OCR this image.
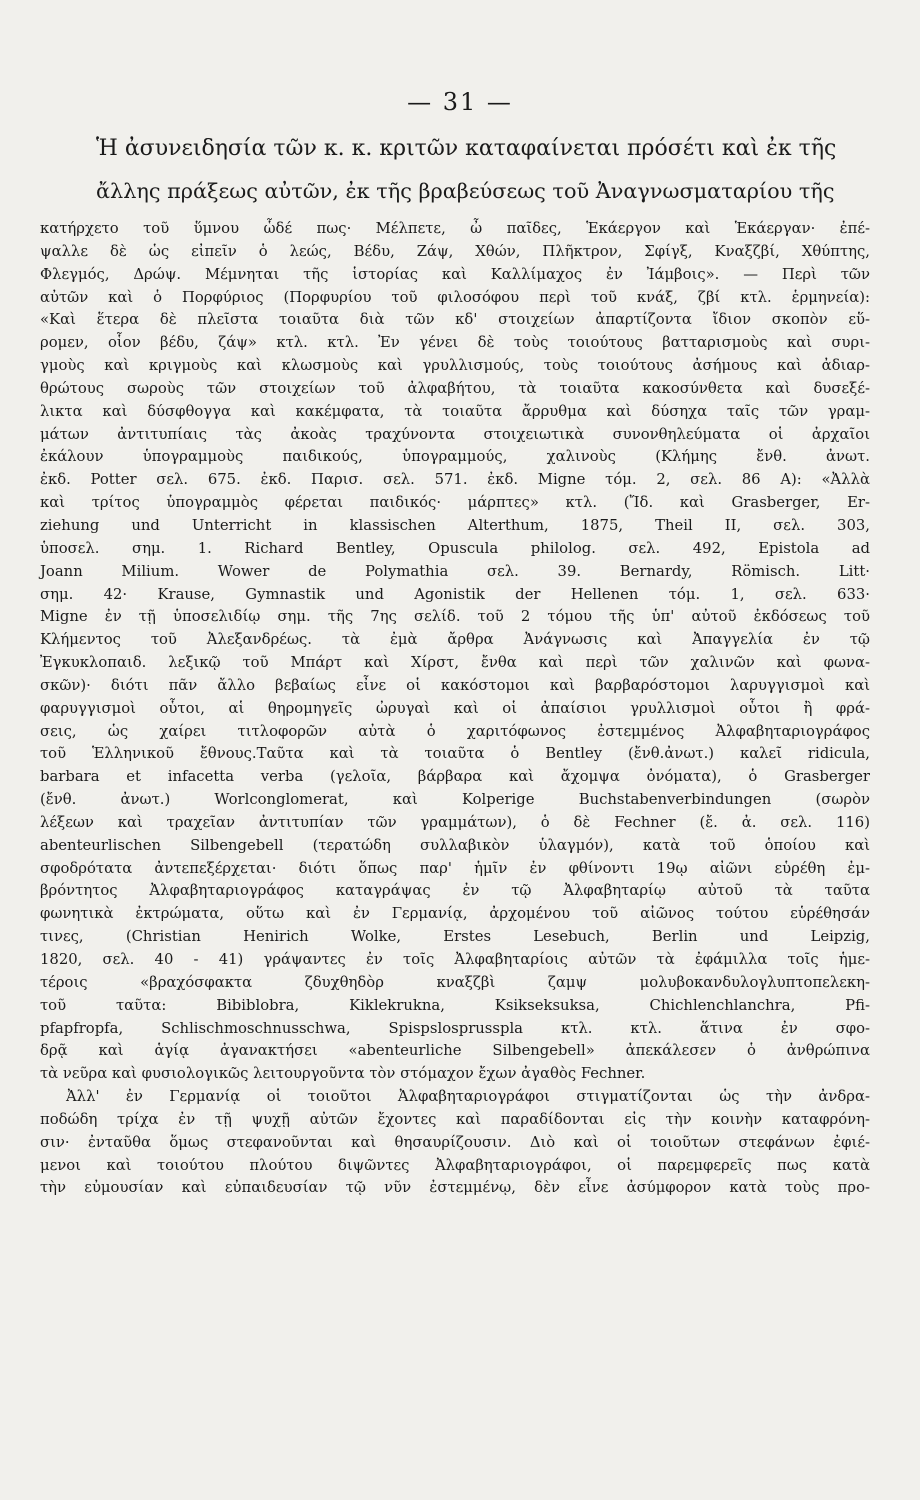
— 31 —
Ἡ ἀσυνειδησία τῶν κ. κ. κριτῶν καταφαίνεται πρόσέτι καὶ ἐκ τῆς
ἄλλης πράξεως αὐτῶν, ἐκ τῆς βραβεύσεως τοῦ Ἀναγνωσματαρίου τῆς
κατήρχετο τοῦ ὕμνου ὧδέ πως· Μέλπετε, ὦ παῖδες, Ἑκάεργον καὶ Ἑκάεργαν· ἐπέ-
ψαλλε δὲ ὡς εἰπεῖν ὁ λεώς, Βέδυ, Ζάψ, Χθών, Πλῆκτρον, Σφίγξ, Κναξζβί, Χθύπτης,
Φλεγμός, Δρώψ. Μέμνηται τῆς ἱστορίας καὶ Καλλίμαχος ἐν Ἰάμβοις». — Περὶ τῶν
αὐτῶν καὶ ὁ Πορφύριος (Πορφυρίου τοῦ φιλοσόφου περὶ τοῦ κνάξ, ζβί κτλ. ἑρμηνεία):
«Καὶ ἕτερα δὲ πλεῖστα τοιαῦτα διὰ τῶν κδ' στοιχείων ἀπαρτίζοντα ἴδιον σκοπὸν εὕ-
ρομεν, οἷον βέδυ, ζάψ» κτλ. κτλ. Ἐν γένει δὲ τοὺς τοιούτους βατταρισμοὺς καὶ συρι-
γμοὺς καὶ κριγμοὺς καὶ κλωσμοὺς καὶ γρυλλισμούς, τοὺς τοιούτους ἀσήμους καὶ ἀδιαρ-
θρώτους σωροὺς τῶν στοιχείων τοῦ ἀλφαβήτου, τὰ τοιαῦτα κακοσύνθετα καὶ δυσεξέ-
λικτα καὶ δύσφθογγα καὶ κακέμφατα, τὰ τοιαῦτα ἄρρυθμα καὶ δύσηχα ταῖς τῶν γραμ-
μάτων ἀντιτυπίαις τὰς ἀκοὰς τραχύνοντα στοιχειωτικὰ συνονθηλεύματα οἱ ἀρχαῖοι
ἐκάλουν ὑπογραμμοὺς παιδικούς, ὑπογραμμούς, χαλινοὺς (Κλήμης ἔνθ. ἀνωτ.
ἐκδ. Potter σελ. 675. ἐκδ. Παρισ. σελ. 571. ἐκδ. Migne τόμ. 2, σελ. 86 Α): «Ἀλλὰ
καὶ τρίτος ὑπογραμμὸς φέρεται παιδικός· μάρπτες» κτλ. (Ἴδ. καὶ Grasberger, Er-
ziehung und Unterricht in klassischen Alterthum, 1875, Theil II, σελ. 303,
ὑποσελ. σημ. 1. Richard Bentley, Opuscula philolog. σελ. 492, Epistola ad
Joann Milium. Wower de Polymathia σελ. 39. Bernardy, Römisch. Litt·
σημ. 42· Krause, Gymnastik und Agonistik der Hellenen τόμ. 1, σελ. 633·
Migne ἐν τῇ ὑποσελιδίῳ σημ. τῆς 7ης σελίδ. τοῦ 2 τόμου τῆς ὑπ' αὐτοῦ ἐκδόσεως τοῦ
Κλήμεντος τοῦ Ἀλεξανδρέως. τὰ ἐμὰ ἄρθρα Ἀνάγνωσις καὶ Ἀπαγγελία ἐν τῷ
Ἐγκυκλοπαιδ. λεξικῷ τοῦ Μπάρτ καὶ Χίρστ, ἔνθα καὶ περὶ τῶν χαλινῶν καὶ φωνα-
σκῶν)· διότι πᾶν ἄλλο βεβαίως εἶνε οἱ κακόστομοι καὶ βαρβαρόστομοι λαρυγγισμοὶ καὶ
φαρυγγισμοὶ οὗτοι, αἱ θηρομηγεῖς ὠρυγαὶ καὶ οἱ ἀπαίσιοι γρυλλισμοὶ οὗτοι ἢ φρά-
σεις, ὡς χαίρει τιτλοφορῶν αὐτὰ ὁ χαριτόφωνος ἐστεμμένος Ἀλφαβηταριογράφος
τοῦ Ἑλληνικοῦ ἔθνους.Ταῦτα καὶ τὰ τοιαῦτα ὁ Bentley (ἔνθ.ἀνωτ.) καλεῖ ridicula,
barbara et infacetta verba (γελοῖα, βάρβαρα καὶ ἄχομψα ὀνόματα), ὁ Grasberger
(ἔνθ. ἀνωτ.) Worlconglomerat, καὶ Kolperige Buchstabenverbindungen (σωρὸν
λέξεων καὶ τραχεῖαν ἀντιτυπίαν τῶν γραμμάτων), ὁ δὲ Fechner (ἔ. ἀ. σελ. 116)
abenteurlischen Silbengebell (τερατώδη συλλαβικὸν ὑλαγμόν), κατὰ τοῦ ὁποίου καὶ
σφοδρότατα ἀντεπεξέρχεται· διότι ὅπως παρ' ἡμῖν ἐν φθίνοντι 19ῳ αἰῶνι εὑρέθη ἐμ-
βρόντητος Ἀλφαβηταριογράφος καταγράψας ἐν τῷ Ἀλφαβηταρίῳ αὐτοῦ τὰ ταῦτα
φωνητικὰ ἐκτρώματα, οὕτω καὶ ἐν Γερμανίᾳ, ἀρχομένου τοῦ αἰῶνος τούτου εὑρέθησάν
τινες, (Christian Henirich Wolke, Erstes Lesebuch, Berlin und Leipzig,
1820, σελ. 40 - 41) γράψαντες ἐν τοῖς Ἀλφαβηταρίοις αὐτῶν τὰ ἐφάμιλλα τοῖς ἡμε-
τέροις «βραχόσφακτα ζδυχθηδὸρ κναξζβὶ ζαμψ μολυβοκανδυλογλυπτοπελεκη-
τοῦ ταῦτα: Bibiblobra, Kiklekrukna, Ksikseksuksa, Chichlenchlanchra, Pfi-
pfapfropfa, Schlischmoschnusschwa, Spispslosprusspla κτλ. κτλ. ἅτινα ἐν σφο-
δρᾷ καὶ ἁγίᾳ ἀγανακτήσει «abenteurliche Silbengebell» ἀπεκάλεσεν ὁ ἀνθρώπινα
τὰ νεῦρα καὶ φυσιολογικῶς λειτουργοῦντα τὸν στόμαχον ἔχων ἀγαθὸς Fechner.
Ἀλλ' ἐν Γερμανίᾳ οἱ τοιοῦτοι Ἀλφαβηταριογράφοι στιγματίζονται ὡς τὴν ἀνδρα-
ποδώδη τρίχα ἐν τῇ ψυχῇ αὐτῶν ἔχοντες καὶ παραδίδονται εἰς τὴν κοινὴν καταφρόνη-
σιν· ἐνταῦθα ὅμως στεφανοῦνται καὶ θησαυρίζουσιν. Διὸ καὶ οἱ τοιοῦτων στεφάνων ἐφιέ-
μενοι καὶ τοιούτου πλούτου διψῶντες Ἀλφαβηταριογράφοι, οἱ παρεμφερεῖς πως κατὰ
τὴν εὐμουσίαν καὶ εὐπαιδευσίαν τῷ νῦν ἐστεμμένῳ, δὲν εἶνε ἀσύμφορον κατὰ τοὺς προ-
